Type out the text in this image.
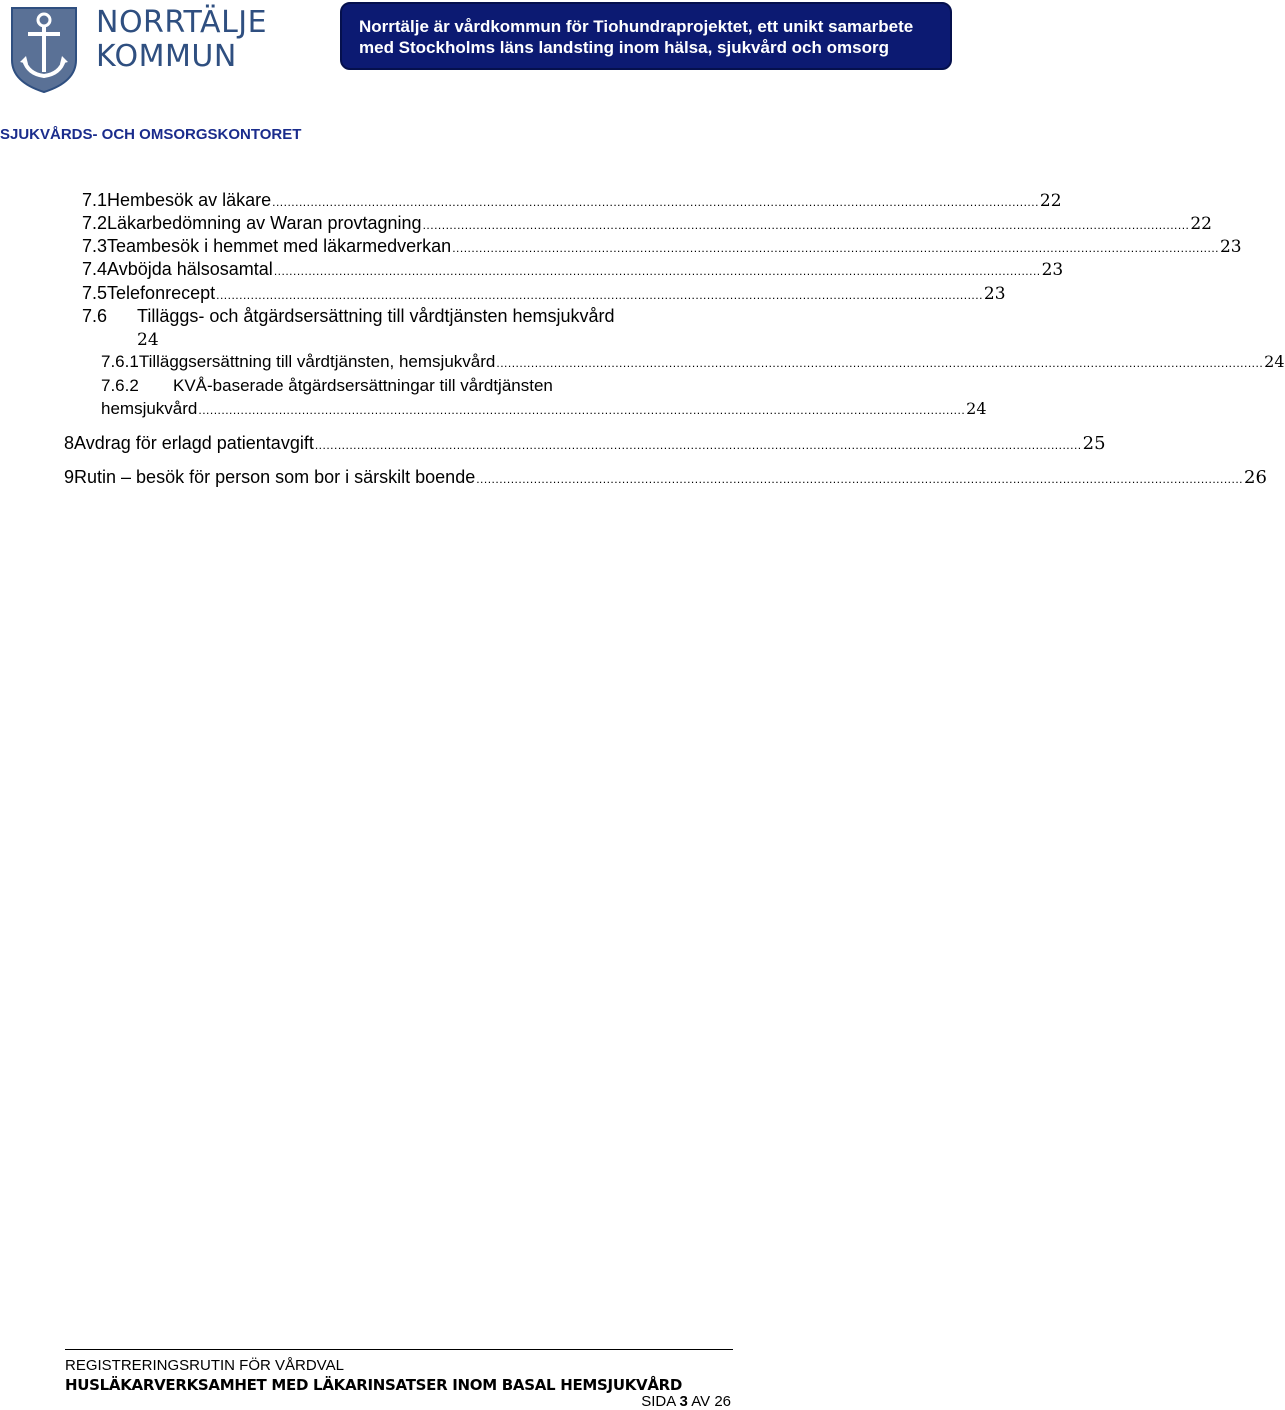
NORRTÄLJE
KOMMUN
Norrtälje är vårdkommun för Tiohundraprojektet, ett unikt samarbete
med Stockholms läns landsting inom hälsa, sjukvård och omsorg
SJUKVÅRDS- OCH OMSORGSKONTORET
7.1 Hembesök av läkare ........................................................................................................................................................................................................ 22
7.2 Läkarbedömning av Waran provtagning ........................................................................................................................................................................................................ 22
7.3 Teambesök i hemmet med läkarmedverkan ........................................................................................................................................................................................................ 23
7.4 Avböjda hälsosamtal ........................................................................................................................................................................................................ 23
7.5 Telefonrecept ........................................................................................................................................................................................................ 23
7.6	Tilläggs- och åtgärdsersättning till vårdtjänsten hemsjukvård
24
7.6.1 Tilläggsersättning till vårdtjänsten, hemsjukvård ........................................................................................................................................................................................................ 24
7.6.2	KVÅ-baserade åtgärdsersättningar till vårdtjänsten
hemsjukvård ........................................................................................................................................................................................................ 24
8 Avdrag för erlagd patientavgift ........................................................................................................................................................................................................ 25
9 Rutin – besök för person som bor i särskilt boende ........................................................................................................................................................................................................ 26
REGISTRERINGSRUTIN FÖR VÅRDVAL
HUSLÄKARVERKSAMHET MED LÄKARINSATSER INOM BASAL HEMSJUKVÅRD
SIDA 3 AV 26
